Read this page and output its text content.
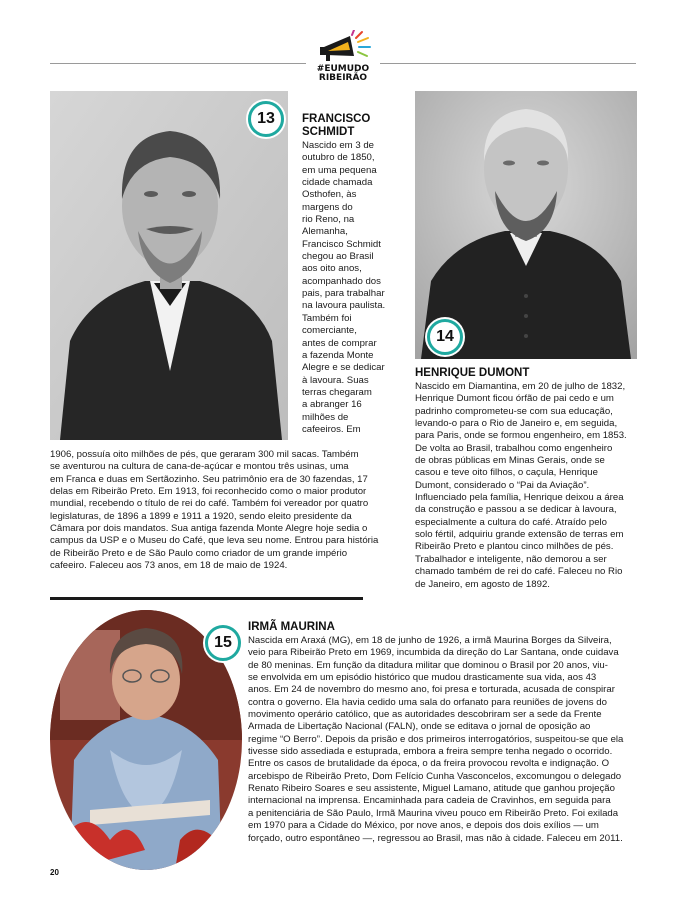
#EUMUDO
RIBEIRÃO
13	FRANCISCO
SCHMIDT
Nascido em 3 de
outubro de 1850,
em uma pequena
cidade chamada
Osthofen, às
margens do
rio Reno, na
Alemanha,
Francisco Schmidt
chegou ao Brasil
aos oito anos,
acompanhado dos
pais, para trabalhar
na lavoura paulista.
Também foi
comerciante,
antes de comprar
a fazenda Monte
Alegre e se dedicar
à lavoura. Suas
terras chegaram
a abranger 16
milhões de
cafeeiros. Em
1906, possuía oito milhões de pés, que geraram 300 mil sacas. Também
se aventurou na cultura de cana-de-açúcar e montou três usinas, uma
em Franca e duas em Sertãozinho. Seu patrimônio era de 30 fazendas, 17
delas em Ribeirão Preto. Em 1913, foi reconhecido como o maior produtor
mundial, recebendo o título de rei do café. Também foi vereador por quatro
legislaturas, de 1896 a 1899 e 1911 a 1920, sendo eleito presidente da
Câmara por dois mandatos. Sua antiga fazenda Monte Alegre hoje sedia o
campus da USP e o Museu do Café, que leva seu nome. Entrou para história
de Ribeirão Preto e de São Paulo como criador de um grande império
cafeeiro. Faleceu aos 73 anos, em 18 de maio de 1924.
14
HENRIQUE DUMONT
Nascido em Diamantina, em 20 de julho de 1832,
Henrique Dumont ficou órfão de pai cedo e um
padrinho comprometeu-se com sua educação,
levando-o para o Rio de Janeiro e, em seguida,
para Paris, onde se formou engenheiro, em 1853.
De volta ao Brasil, trabalhou como engenheiro
de obras públicas em Minas Gerais, onde se
casou e teve oito filhos, o caçula, Henrique
Dumont, considerado o “Pai da Aviação”.
Influenciado pela família, Henrique deixou a área
da construção e passou a se dedicar à lavoura,
especialmente a cultura do café. Atraído pelo
solo fértil, adquiriu grande extensão de terras em
Ribeirão Preto e plantou cinco milhões de pés.
Trabalhador e inteligente, não demorou a ser
chamado também de rei do café. Faleceu no Rio
de Janeiro, em agosto de 1892.
15
IRMÃ MAURINA
Nascida em Araxá (MG), em 18 de junho de 1926, a irmã Maurina Borges da Silveira,
veio para Ribeirão Preto em 1969, incumbida da direção do Lar Santana, onde cuidava
de 80 meninas. Em função da ditadura militar que dominou o Brasil por 20 anos, viu-
se envolvida em um episódio histórico que mudou drasticamente sua vida, aos 43
anos. Em 24 de novembro do mesmo ano, foi presa e torturada, acusada de conspirar
contra o governo. Ela havia cedido uma sala do orfanato para reuniões de jovens do
movimento operário católico, que as autoridades descobriram ser a sede da Frente
Armada de Libertação Nacional (FALN), onde se editava o jornal de oposição ao
regime “O Berro”. Depois da prisão e dos primeiros interrogatórios, suspeitou-se que ela
tivesse sido assediada e estuprada, embora a freira sempre tenha negado o ocorrido.
Entre os casos de brutalidade da época, o da freira provocou revolta e indignação. O
arcebispo de Ribeirão Preto, Dom Felício Cunha Vasconcelos, excomungou o delegado
Renato Ribeiro Soares e seu assistente, Miguel Lamano, atitude que ganhou projeção
internacional na imprensa. Encaminhada para cadeia de Cravinhos, em seguida para
a penitenciária de São Paulo, Irmã Maurina viveu pouco em Ribeirão Preto. Foi exilada
em 1970 para a Cidade do México, por nove anos, e depois dos dois exílios — um
forçado, outro espontâneo —, regressou ao Brasil, mas não à cidade. Faleceu em 2011.
20
